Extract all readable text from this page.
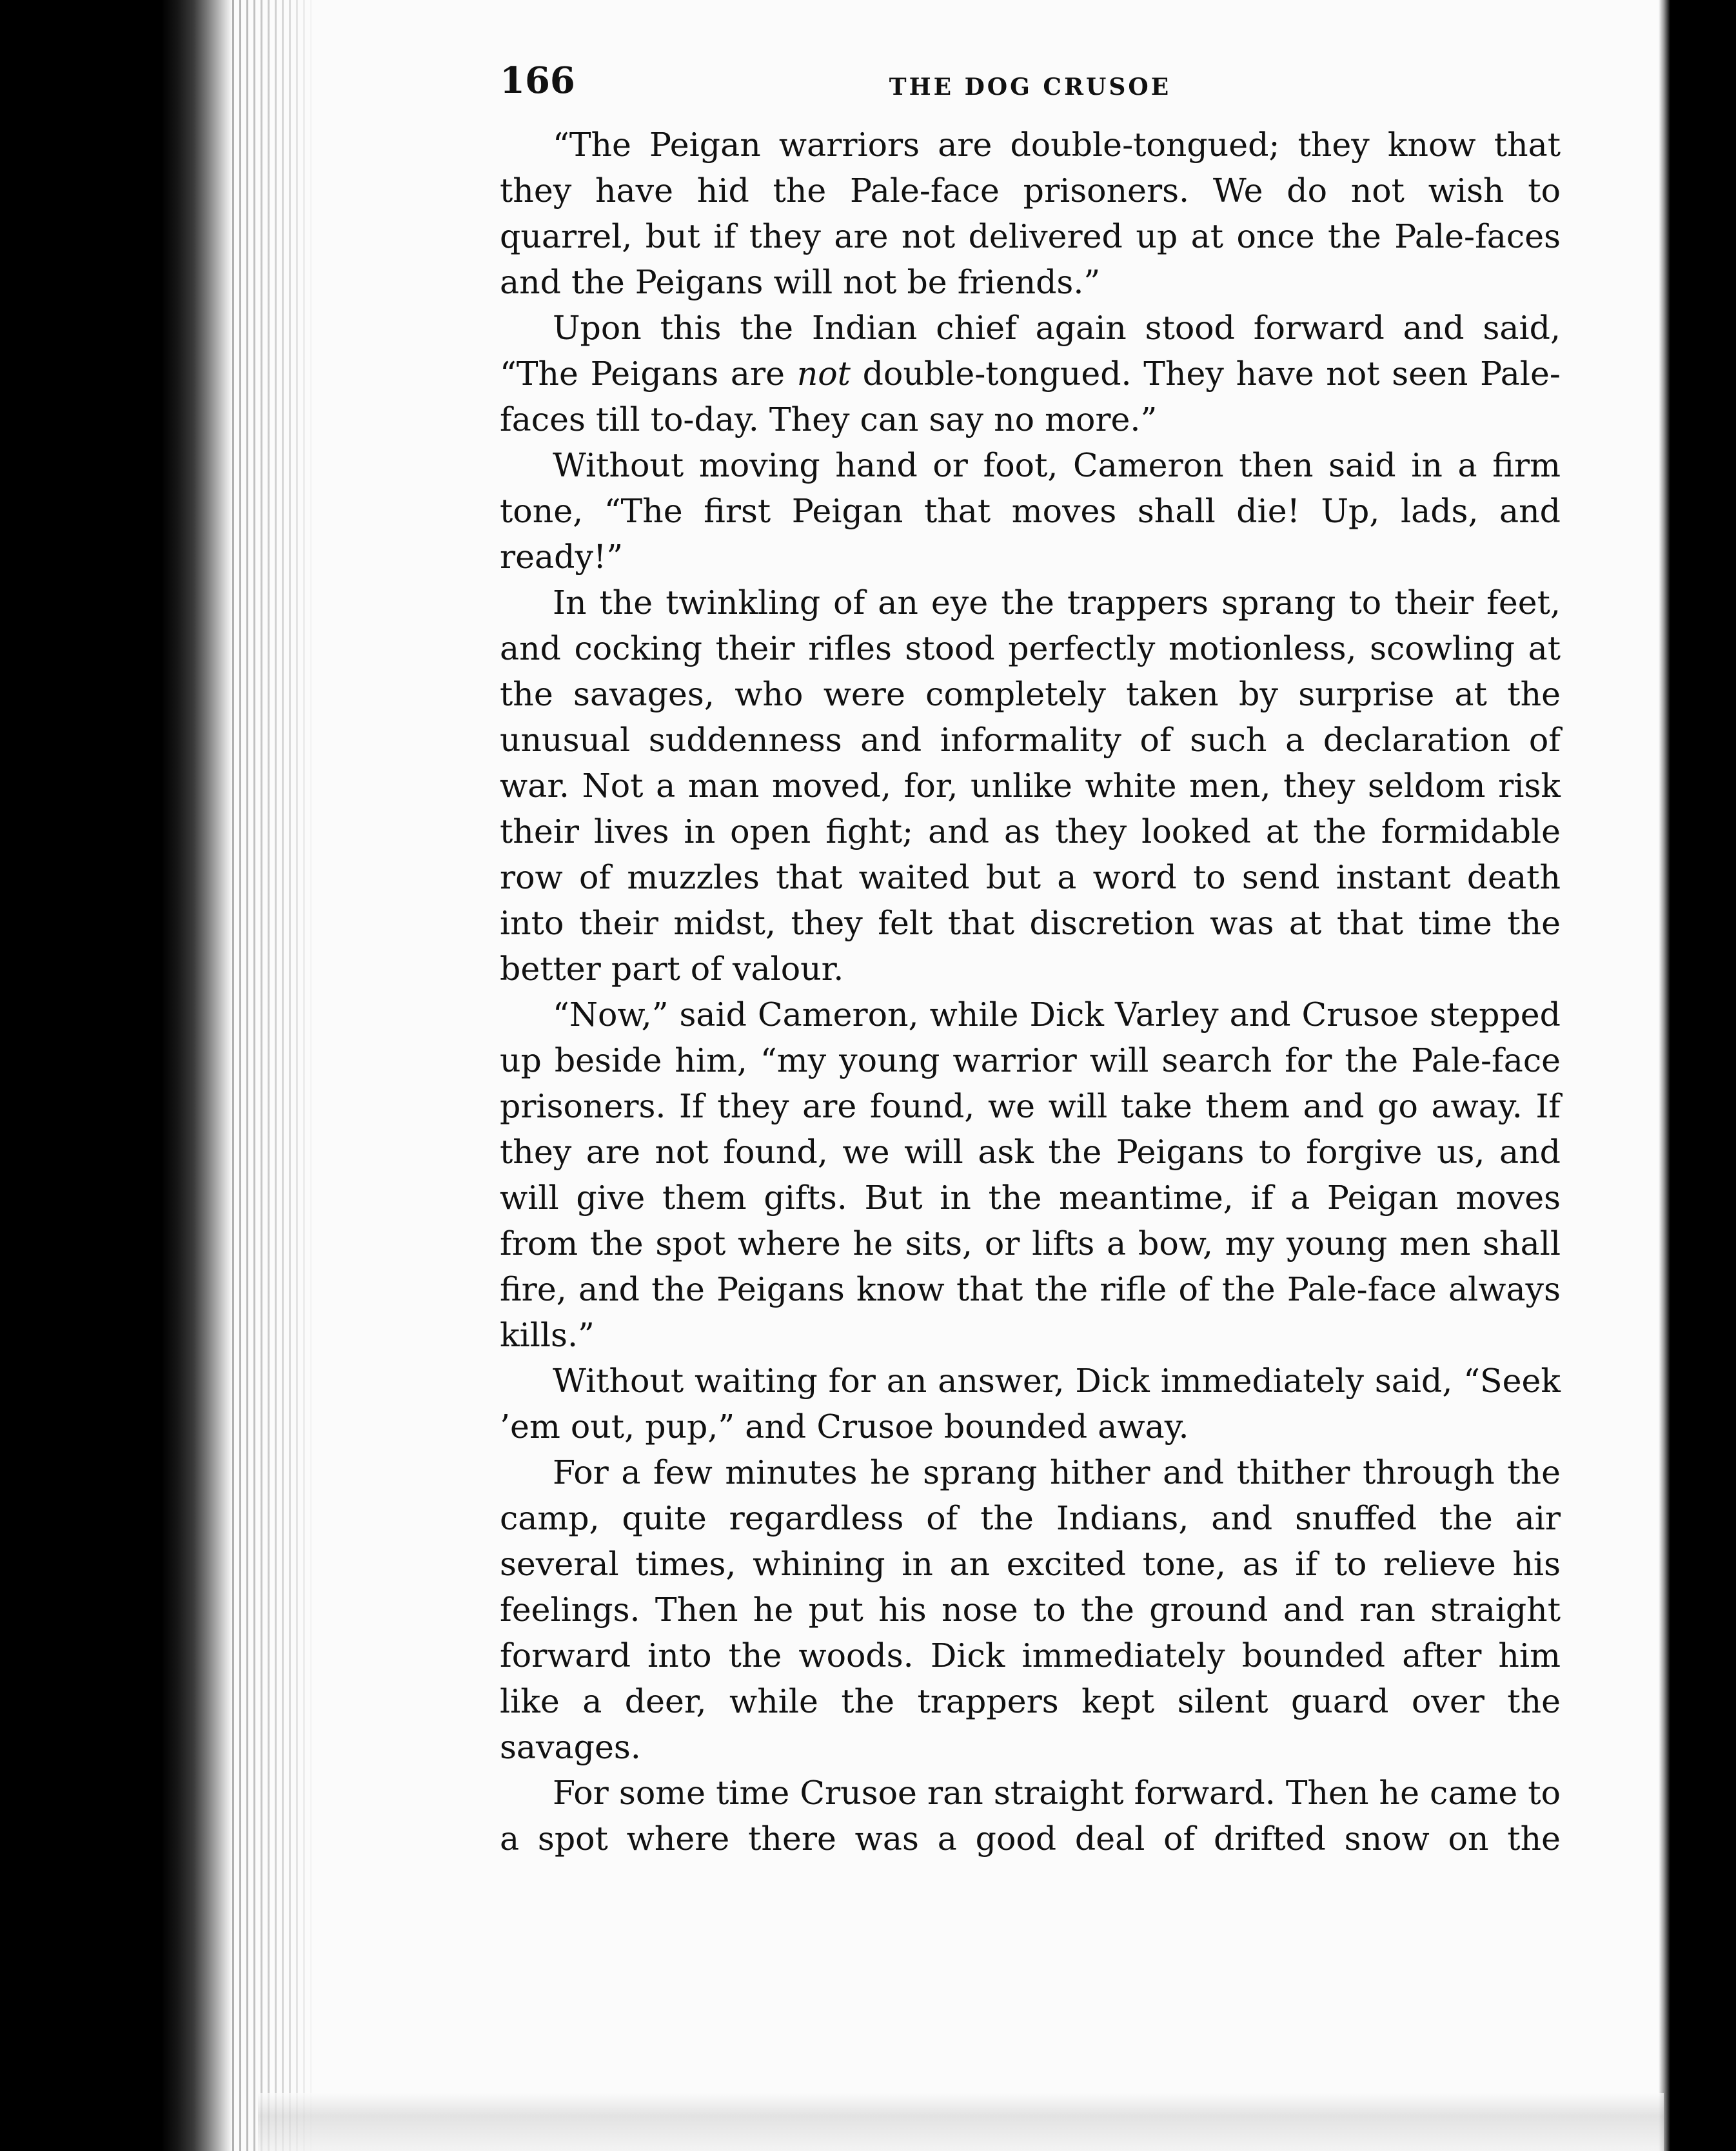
166	THE DOG CRUSOE

“The Peigan warriors are double-tongued; they know that they have hid the Pale-face prisoners. We do not wish to quarrel, but if they are not delivered up at once the Pale-faces and the Peigans will not be friends.”

Upon this the Indian chief again stood forward and said, “The Peigans are not double-tongued. They have not seen Pale-faces till to-day. They can say no more.”

Without moving hand or foot, Cameron then said in a firm tone, “The first Peigan that moves shall die! Up, lads, and ready!”

In the twinkling of an eye the trappers sprang to their feet, and cocking their rifles stood perfectly motionless, scowling at the savages, who were completely taken by surprise at the unusual suddenness and informality of such a declaration of war. Not a man moved, for, unlike white men, they seldom risk their lives in open fight; and as they looked at the formidable row of muzzles that waited but a word to send instant death into their midst, they felt that discretion was at that time the better part of valour.

“Now,” said Cameron, while Dick Varley and Crusoe stepped up beside him, “my young warrior will search for the Pale-face prisoners. If they are found, we will take them and go away. If they are not found, we will ask the Peigans to forgive us, and will give them gifts. But in the meantime, if a Peigan moves from the spot where he sits, or lifts a bow, my young men shall fire, and the Peigans know that the rifle of the Pale-face always kills.”

Without waiting for an answer, Dick immediately said, “Seek ’em out, pup,” and Crusoe bounded away.

For a few minutes he sprang hither and thither through the camp, quite regardless of the Indians, and snuffed the air several times, whining in an excited tone, as if to relieve his feelings. Then he put his nose to the ground and ran straight forward into the woods. Dick immediately bounded after him like a deer, while the trappers kept silent guard over the savages.

For some time Crusoe ran straight forward. Then he came to a spot where there was a good deal of drifted snow on the
